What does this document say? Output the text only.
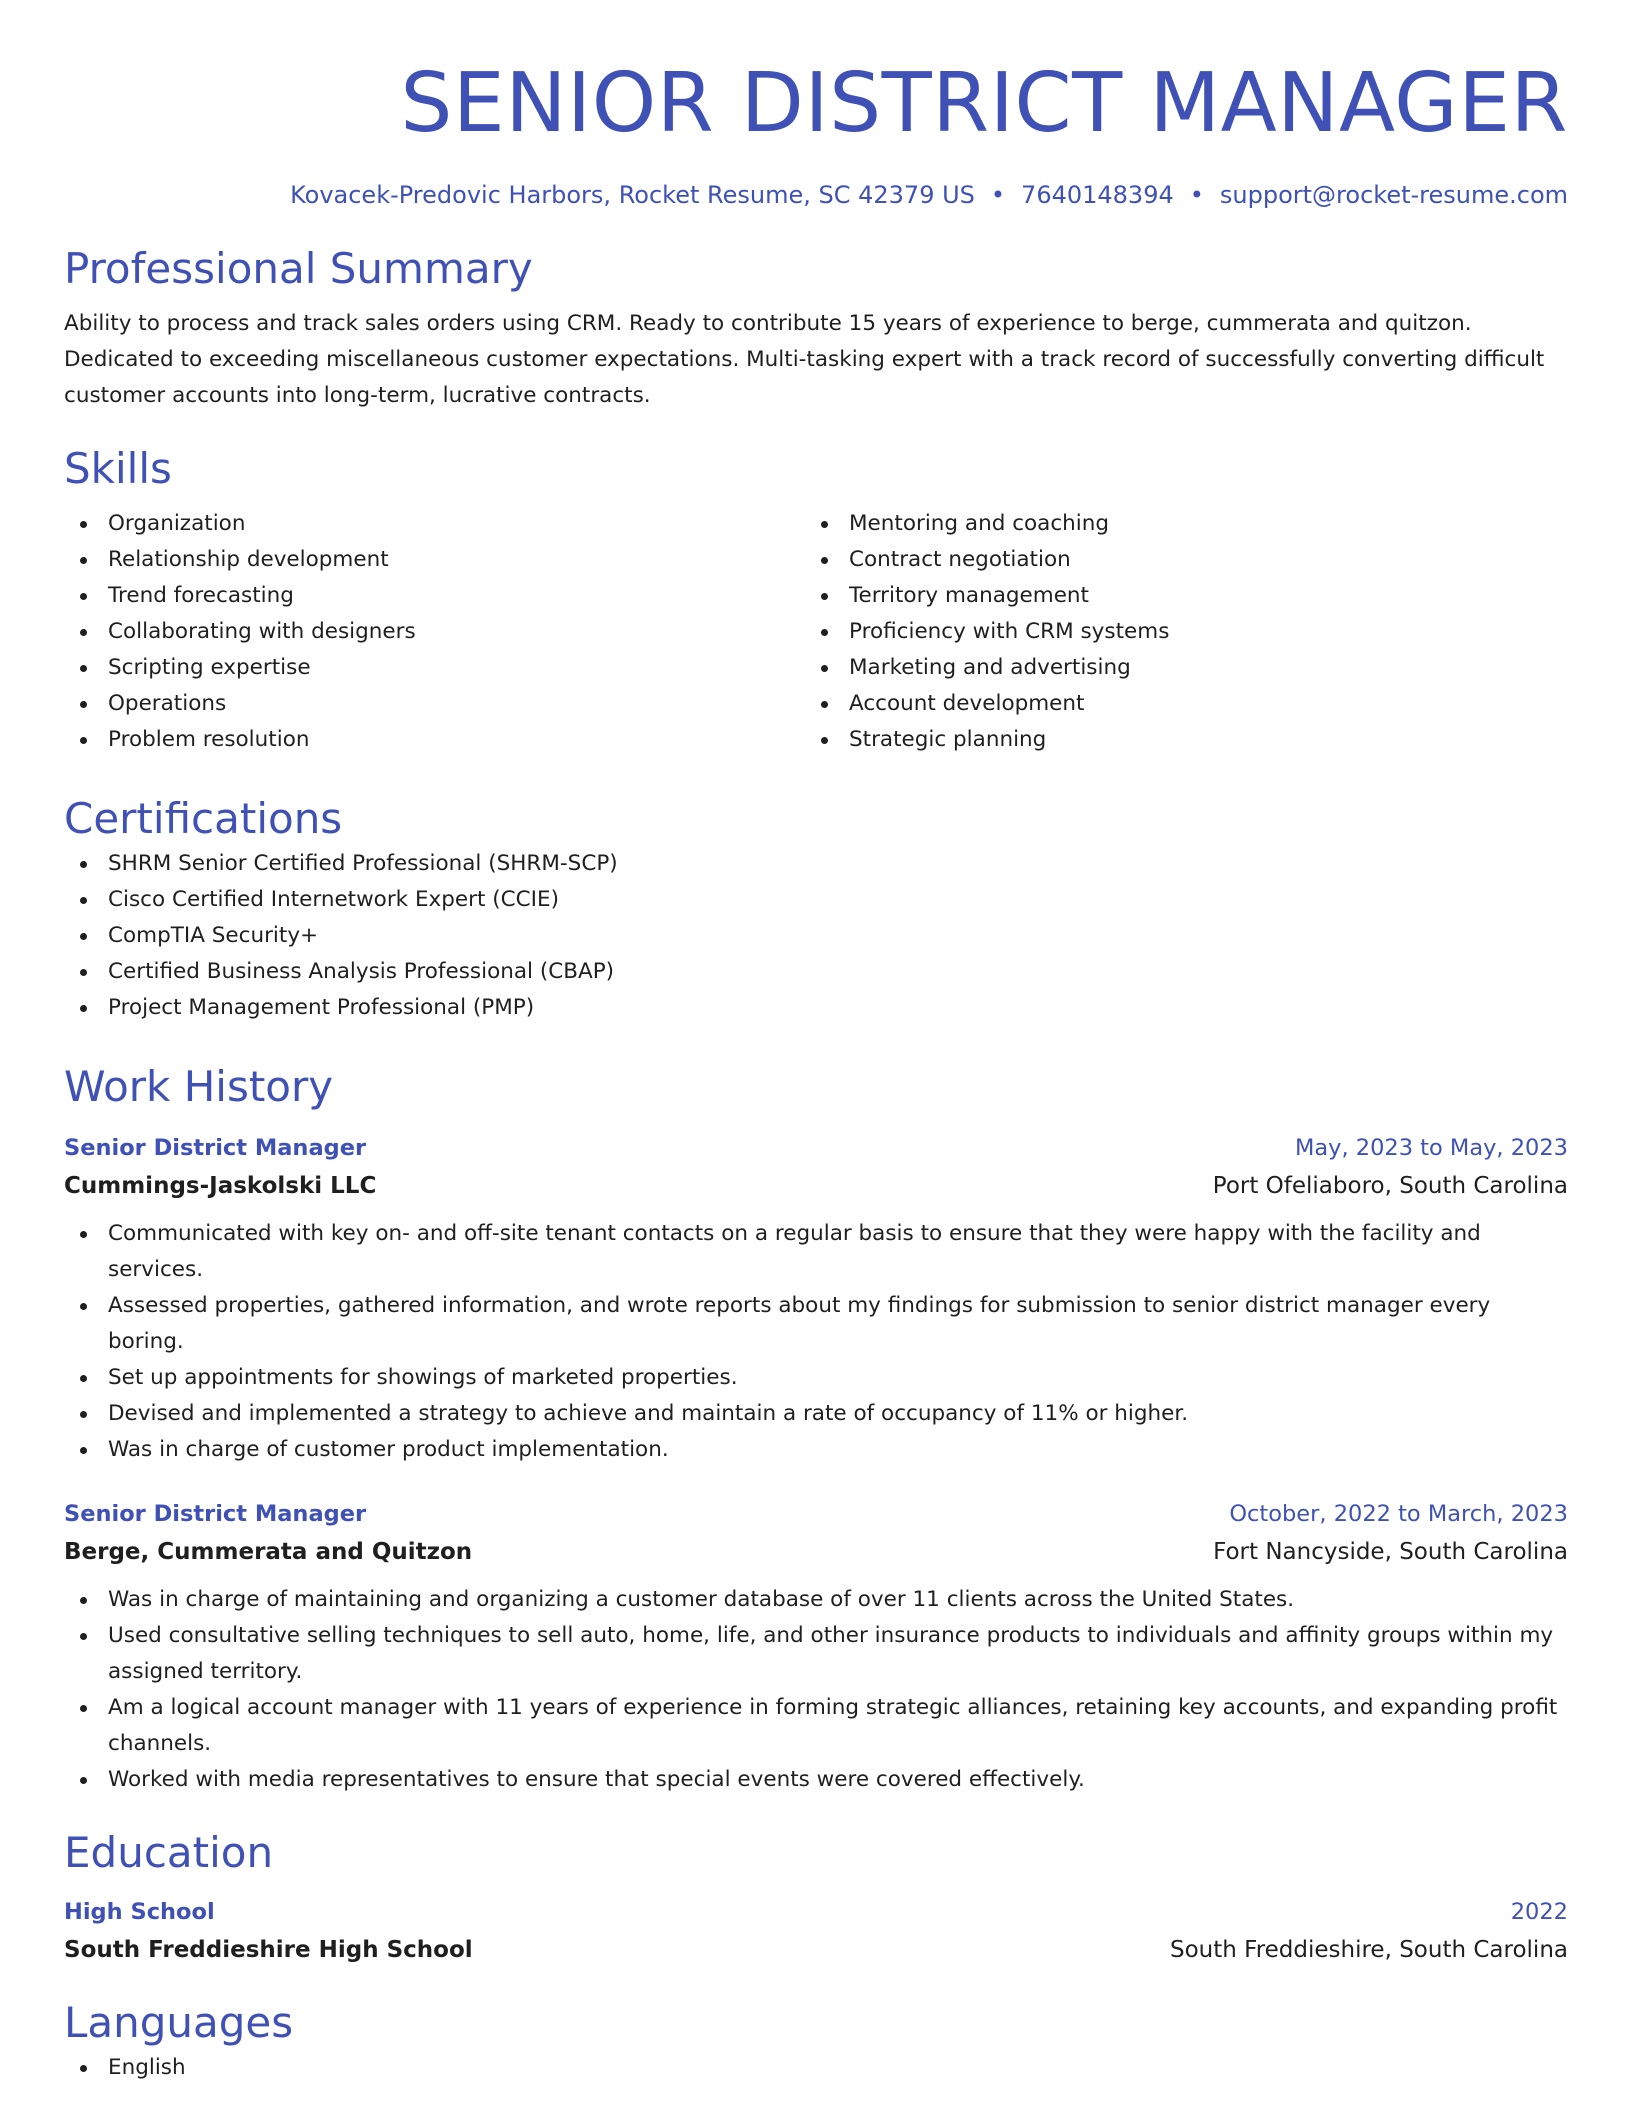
SENIOR DISTRICT MANAGER
Kovacek-Predovic Harbors, Rocket Resume, SC 42379 US • 7640148394 • support@rocket-resume.com
Professional Summary
Ability to process and track sales orders using CRM. Ready to contribute 15 years of experience to berge, cummerata and quitzon. Dedicated to exceeding miscellaneous customer expectations. Multi-tasking expert with a track record of successfully converting difficult customer accounts into long-term, lucrative contracts.
Skills
Organization
Relationship development
Trend forecasting
Collaborating with designers
Scripting expertise
Operations
Problem resolution
Mentoring and coaching
Contract negotiation
Territory management
Proficiency with CRM systems
Marketing and advertising
Account development
Strategic planning
Certifications
SHRM Senior Certified Professional (SHRM-SCP)
Cisco Certified Internetwork Expert (CCIE)
CompTIA Security+
Certified Business Analysis Professional (CBAP)
Project Management Professional (PMP)
Work History
Senior District Manager	May, 2023 to May, 2023
Cummings-Jaskolski LLC	Port Ofeliaboro, South Carolina
Communicated with key on- and off-site tenant contacts on a regular basis to ensure that they were happy with the facility and services.
Assessed properties, gathered information, and wrote reports about my findings for submission to senior district manager every boring.
Set up appointments for showings of marketed properties.
Devised and implemented a strategy to achieve and maintain a rate of occupancy of 11% or higher.
Was in charge of customer product implementation.
Senior District Manager	October, 2022 to March, 2023
Berge, Cummerata and Quitzon	Fort Nancyside, South Carolina
Was in charge of maintaining and organizing a customer database of over 11 clients across the United States.
Used consultative selling techniques to sell auto, home, life, and other insurance products to individuals and affinity groups within my assigned territory.
Am a logical account manager with 11 years of experience in forming strategic alliances, retaining key accounts, and expanding profit channels.
Worked with media representatives to ensure that special events were covered effectively.
Education
High School	2022
South Freddieshire High School	South Freddieshire, South Carolina
Languages
English
